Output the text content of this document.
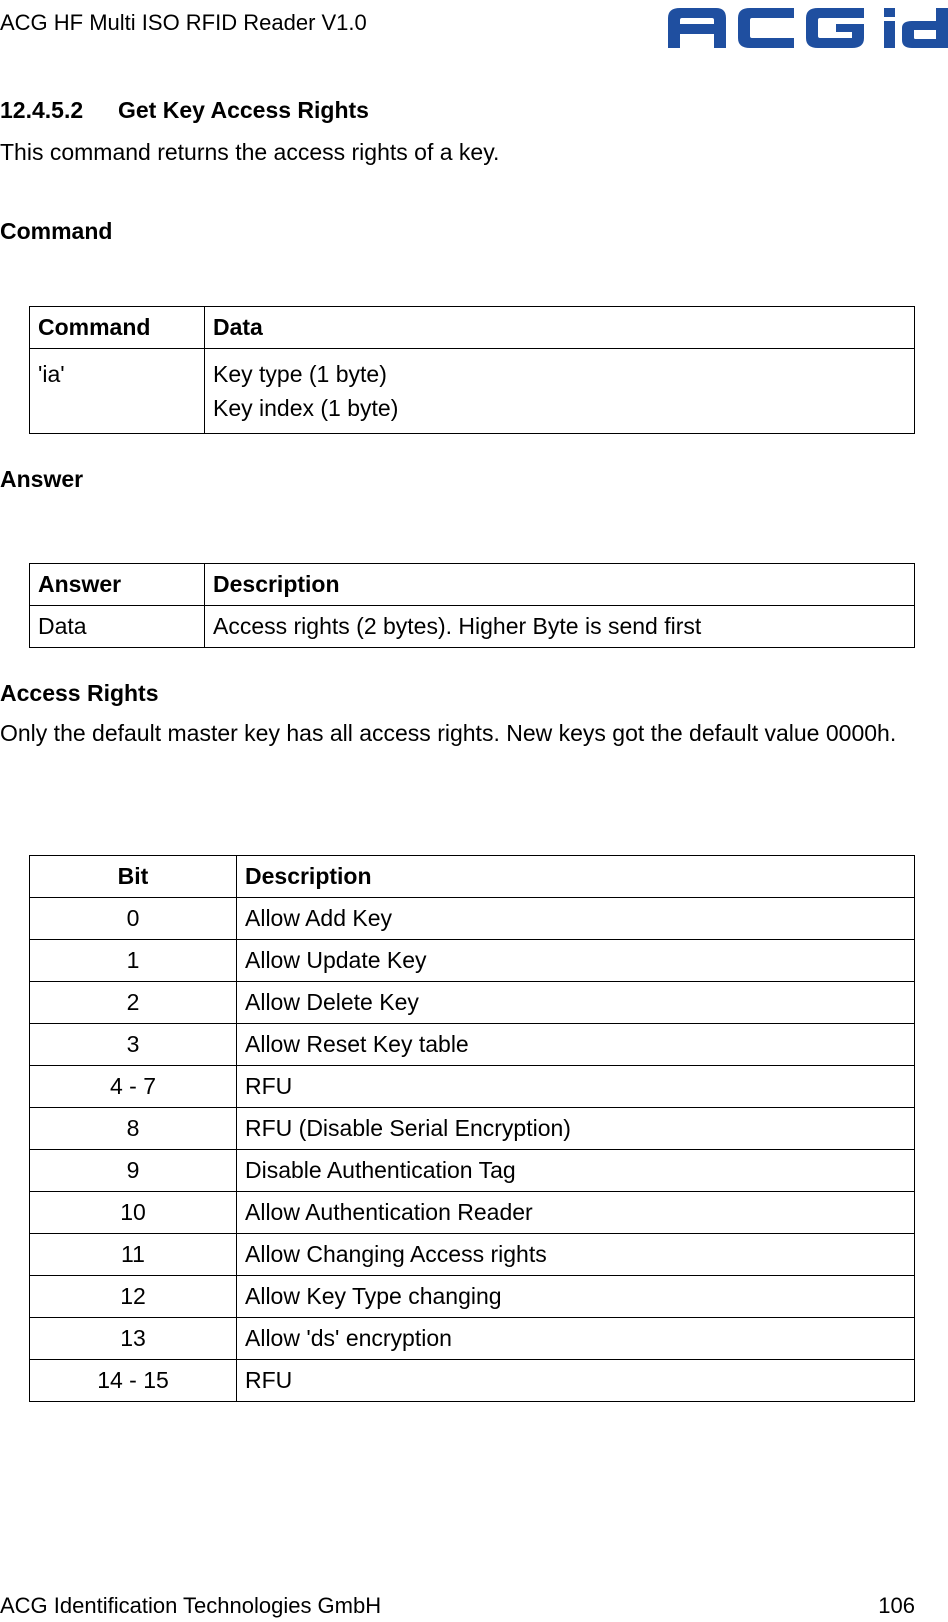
ACG HF Multi ISO RFID Reader V1.0
12.4.5.2 Get Key Access Rights
This command returns the access rights of a key.
Command
Command	Data
'ia'	Key type (1 byte)
Key index (1 byte)
Answer
Answer	Description
Data	Access rights (2 bytes). Higher Byte is send first
Access Rights
Only the default master key has all access rights. New keys got the default value 0000h.
Bit	Description
0	Allow Add Key
1	Allow Update Key
2	Allow Delete Key
3	Allow Reset Key table
4 - 7	RFU
8	RFU (Disable Serial Encryption)
9	Disable Authentication Tag
10	Allow Authentication Reader
11	Allow Changing Access rights
12	Allow Key Type changing
13	Allow 'ds' encryption
14 - 15	RFU
ACG Identification Technologies GmbH	106
